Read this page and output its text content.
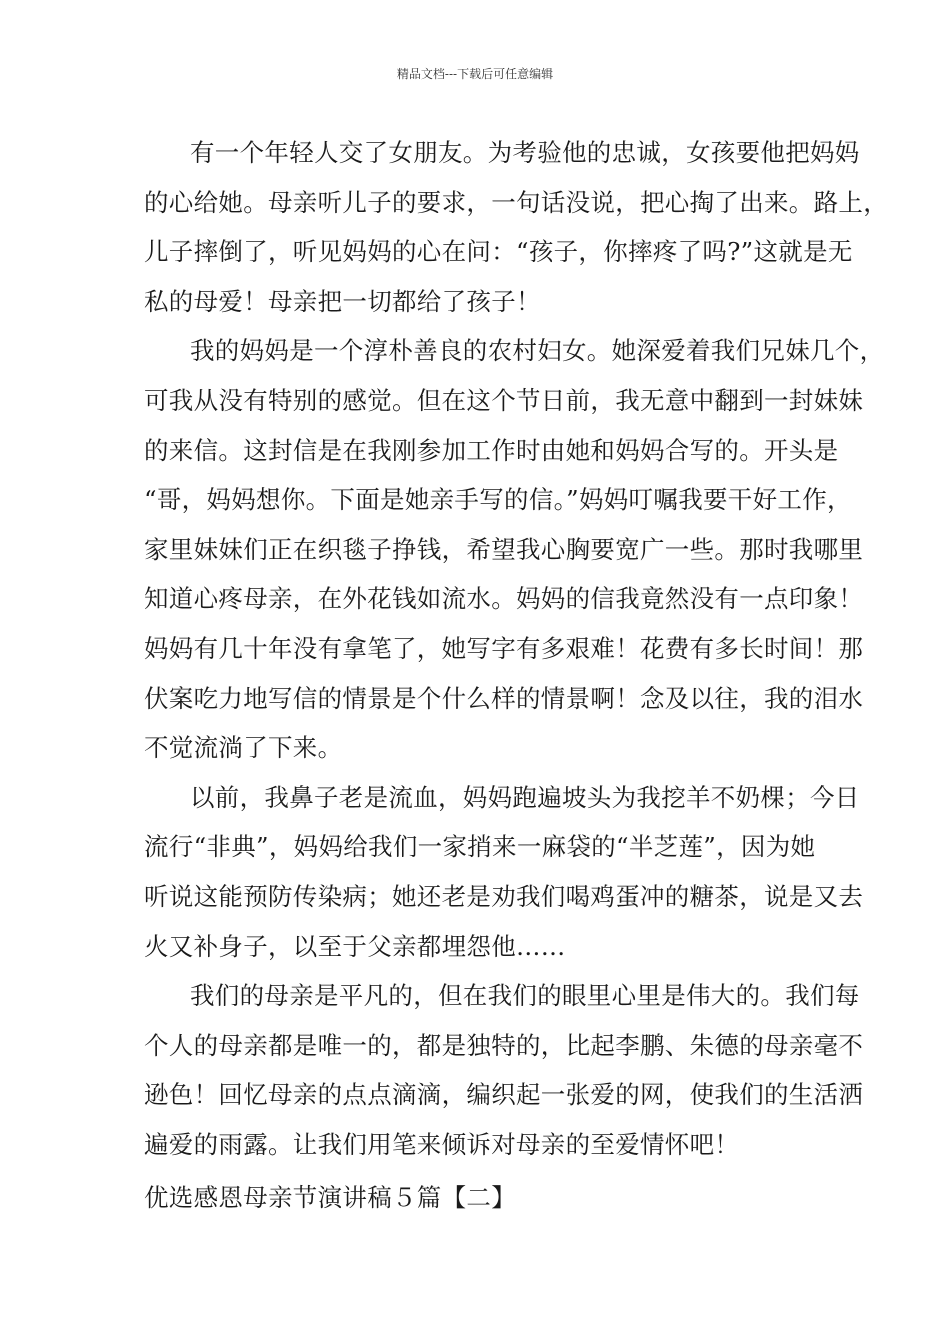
精品文档---下载后可任意编辑
有一个年轻人交了女朋友。为考验他的忠诚，女孩要他把妈妈
的心给她。母亲听儿子的要求，一句话没说，把心掏了出来。路上，
儿子摔倒了，听见妈妈的心在问：“孩子，你摔疼了吗?”这就是无
私的母爱！母亲把一切都给了孩子！
我的妈妈是一个淳朴善良的农村妇女。她深爱着我们兄妹几个，
可我从没有特别的感觉。但在这个节日前，我无意中翻到一封妹妹
的来信。这封信是在我刚参加工作时由她和妈妈合写的。开头是
“哥，妈妈想你。下面是她亲手写的信。”妈妈叮嘱我要干好工作，
家里妹妹们正在织毯子挣钱，希望我心胸要宽广一些。那时我哪里
知道心疼母亲，在外花钱如流水。妈妈的信我竟然没有一点印象！
妈妈有几十年没有拿笔了，她写字有多艰难！花费有多长时间！那
伏案吃力地写信的情景是个什么样的情景啊！念及以往，我的泪水
不觉流淌了下来。
以前，我鼻子老是流血，妈妈跑遍坡头为我挖羊不奶棵；今日
流行“非典”，妈妈给我们一家捎来一麻袋的“半芝莲”，因为她
听说这能预防传染病；她还老是劝我们喝鸡蛋冲的糖茶，说是又去
火又补身子，以至于父亲都埋怨他……
我们的母亲是平凡的，但在我们的眼里心里是伟大的。我们每
个人的母亲都是唯一的，都是独特的，比起李鹏、朱德的母亲毫不
逊色！回忆母亲的点点滴滴，编织起一张爱的网，使我们的生活洒
遍爱的雨露。让我们用笔来倾诉对母亲的至爱情怀吧！
优选感恩母亲节演讲稿５篇【二】
